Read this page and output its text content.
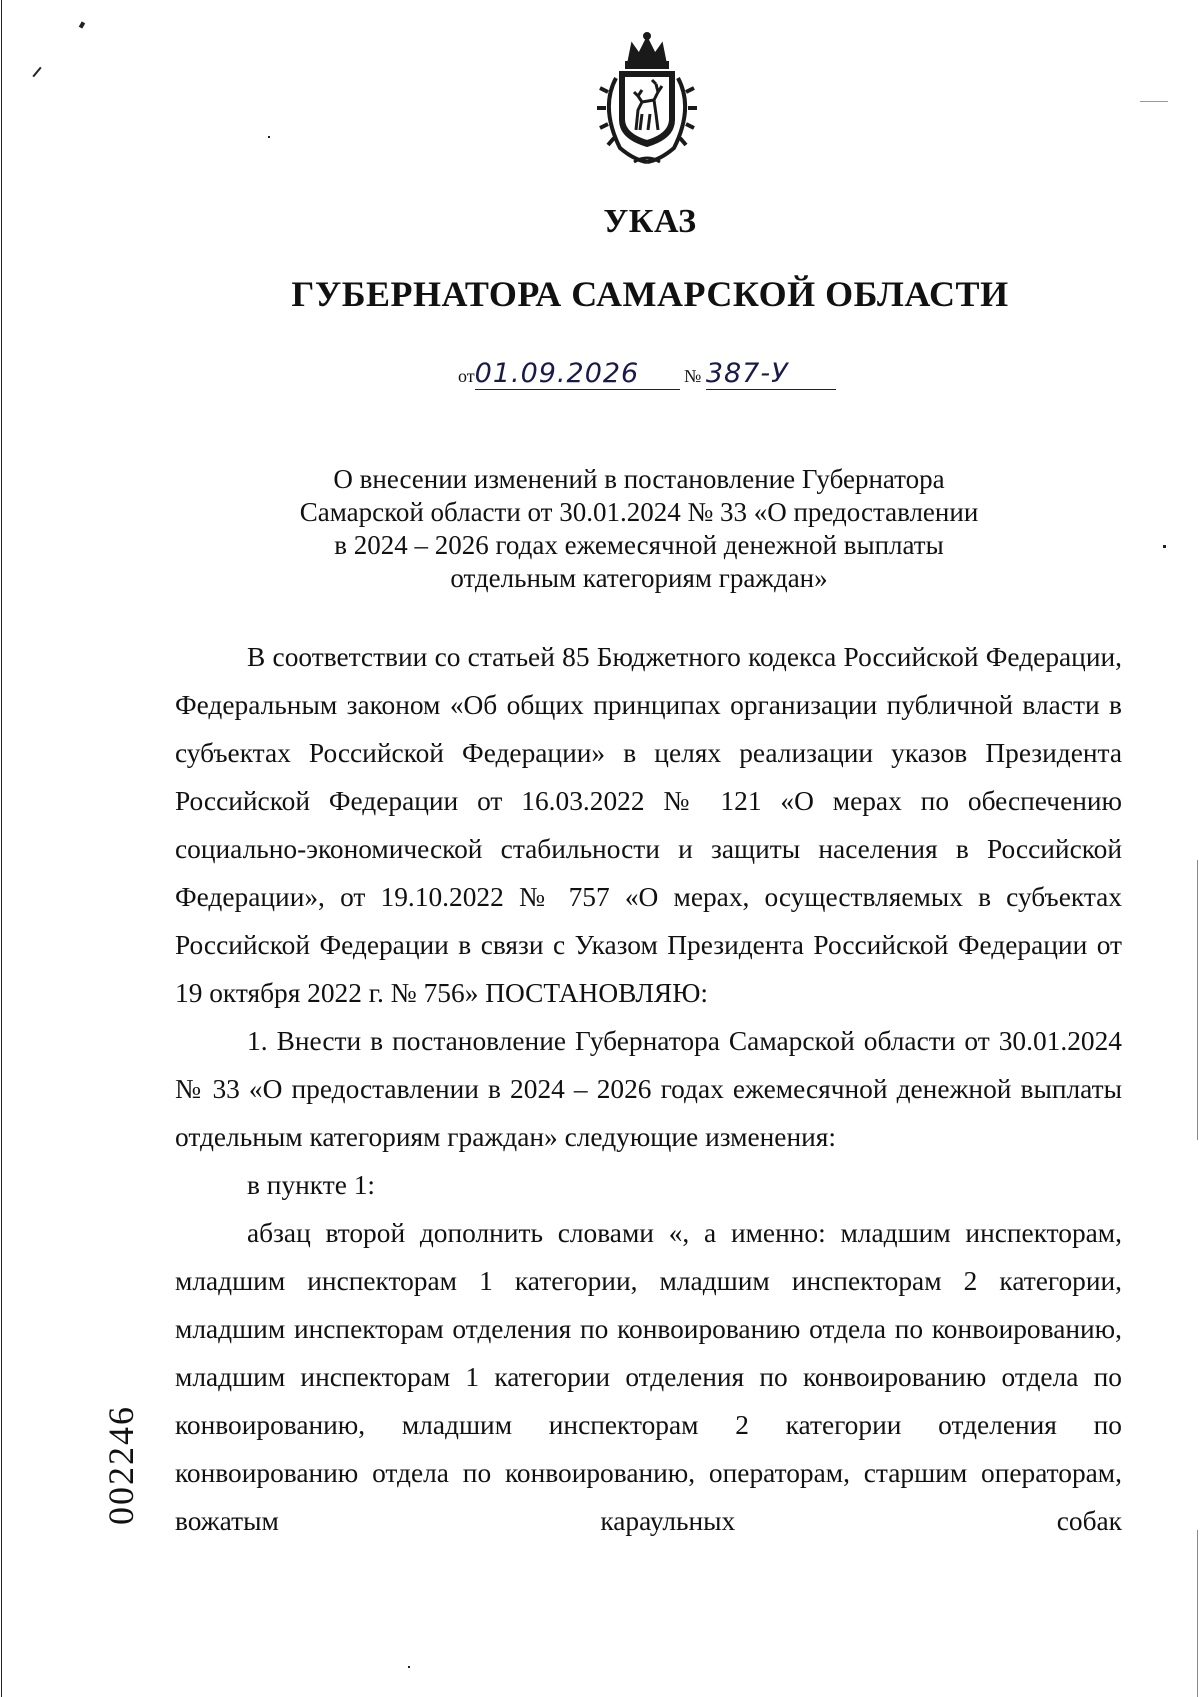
УКАЗ
ГУБЕРНАТОРА САМАРСКОЙ ОБЛАСТИ
от01.09.2026 № 387-У
О внесении изменений в постановление Губернатора
Самарской области от 30.01.2024 № 33 «О предоставлении
в 2024 – 2026 годах ежемесячной денежной выплаты
отдельным категориям граждан»

В соответствии со статьей 85 Бюджетного кодекса Российской Федерации, Федеральным законом «Об общих принципах организации публичной власти в субъектах Российской Федерации» в целях реализации указов Президента Российской Федерации от 16.03.2022 № 121 «О мерах по обеспечению социально-экономической стабильности и защиты населения в Российской Федерации», от 19.10.2022 № 757 «О мерах, осуществляемых в субъектах Российской Федерации в связи с Указом Президента Российской Федерации от 19 октября 2022 г. № 756» ПОСТАНОВЛЯЮ:

1. Внести в постановление Губернатора Самарской области от 30.01.2024 № 33 «О предоставлении в 2024 – 2026 годах ежемесячной денежной выплаты отдельным категориям граждан» следующие изменения:

в пункте 1:

абзац второй дополнить словами «, а именно: младшим инспекторам, младшим инспекторам 1 категории, младшим инспекторам 2 категории, младшим инспекторам отделения по конвоированию отдела по конвоированию, младшим инспекторам 1 категории отделения по конвоированию отдела по конвоированию, младшим инспекторам 2 категории отделения по конвоированию отдела по конвоированию, операторам, старшим операторам, вожатым караульных собак

002246
